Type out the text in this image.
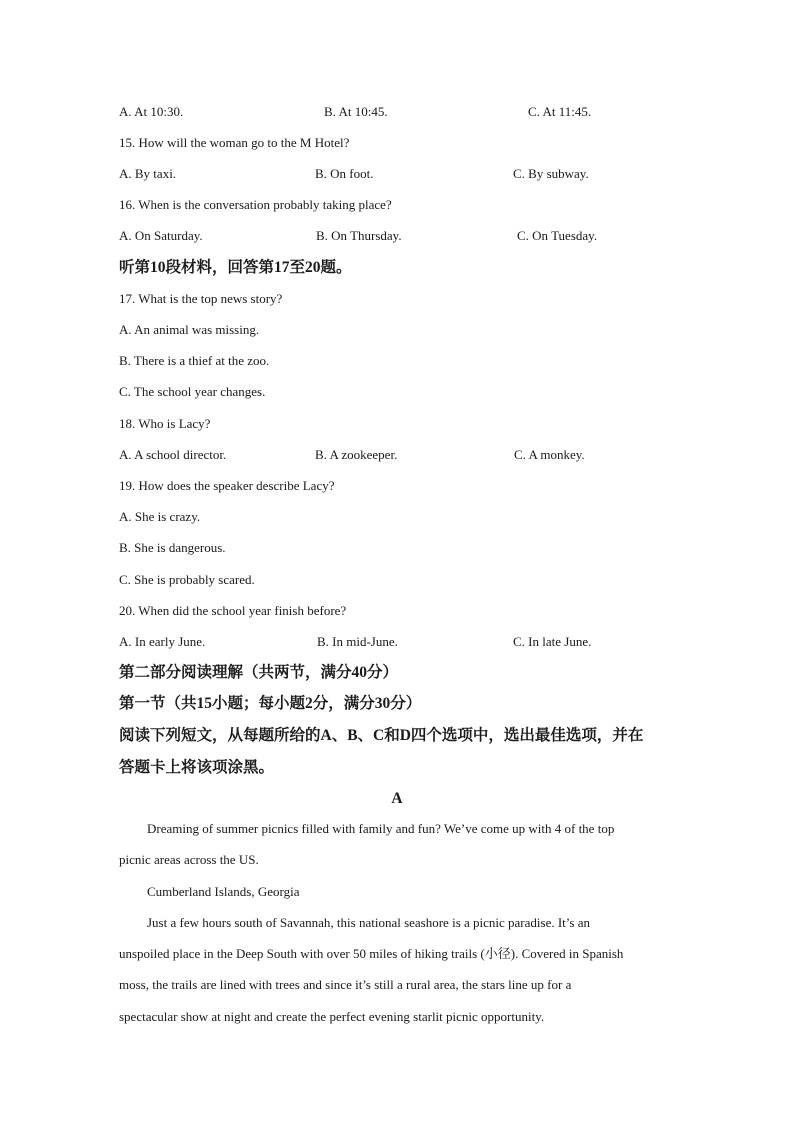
A. At 10:30.	B. At 10:45.	C. At 11:45.
15. How will the woman go to the M Hotel?
A. By taxi.	B. On foot.	C. By subway.
16. When is the conversation probably taking place?
A. On Saturday.	B. On Thursday.	C. On Tuesday.
听第10段材料，回答第17至20题。
17. What is the top news story?
A. An animal was missing.
B. There is a thief at the zoo.
C. The school year changes.
18. Who is Lacy?
A. A school director.	B. A zookeeper.	C. A monkey.
19. How does the speaker describe Lacy?
A. She is crazy.
B. She is dangerous.
C. She is probably scared.
20. When did the school year finish before?
A. In early June.	B. In mid-June.	C. In late June.
第二部分阅读理解（共两节，满分40分）
第一节（共15小题；每小题2分，满分30分）
阅读下列短文，从每题所给的A、B、C和D四个选项中，选出最佳选项，并在
答题卡上将该项涂黑。
A
Dreaming of summer picnics filled with family and fun? We’ve come up with 4 of the top
picnic areas across the US.
Cumberland Islands, Georgia
Just a few hours south of Savannah, this national seashore is a picnic paradise. It’s an
unspoiled place in the Deep South with over 50 miles of hiking trails (小径). Covered in Spanish
moss, the trails are lined with trees and since it’s still a rural area, the stars line up for a
spectacular show at night and create the perfect evening starlit picnic opportunity.
